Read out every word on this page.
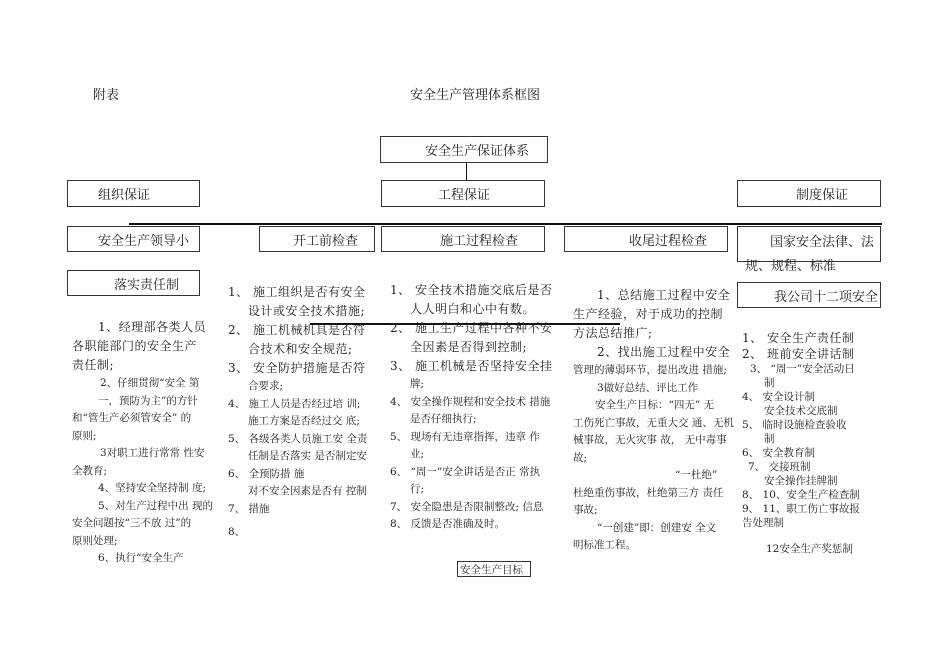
附表	安全生产管理体系框图
安全生产保证体系
组织保证	工程保证	制度保证
安全生产领导小	开工前检查	施工过程检查	收尾过程检查	国家安全法律、法
规、规程、标准
落实责任制
我公司十二项安全
1、经理部各类人员
各职能部门的安全生产
责任制;
2、仔细贯彻“安全 第
一，预防为主”的方针
和“管生产必须管安全” 的
原则;
3对职工进行常常 性安
全教育;
4、坚持安全坚持制 度;
5、对生产过程中出 现的
安全问题按“三不放 过”的
原则处理;
6、执行“安全生产
1、 施工组织是否有安全
设计或安全技术措施;
2、 施工机械机具是否符
合技术和安全规范;
3、 安全防护措施是否符
合要求;
4、 施工人员是否经过培 训;
施工方案是否经过交 底;
5、 各级各类人员施工安 全责
任制是否落实 是否制定安
6、 全预防措 施
对不安全因素是否有 控制
7、 措施
8、
1、 安全技术措施交底后是否
人人明白和心中有数。
2、 施工生产过程中各种不安
全因素是否得到控制;
3、 施工机械是否坚持安全挂
牌;
4、 安全操作规程和安全技术 措施
是否仔细执行;
5、 现场有无违章指挥，违章 作
业;
6、 “周一”安全讲话是否正 常执
行;
7、 安全隐患是否限制整改; 信息
8、 反馈是否准确及时。
1、总结施工过程中安全
生产经验，对于成功的控制
方法总结推广;
2、找出施工过程中安全
管理的薄弱环节，提出改进 措施;
3做好总结、评比工作
安全生产目标：“四无” 无
工伤死亡事故，无重大交 通、无机
械事故，无火灾事 故， 无中毒事
故;
“一杜绝”
杜绝重伤事故，杜绝第三方 责任
事故;
“一创建”即：创建安 全文
明标准工程。
1、 安全生产责任制
2、 班前安全讲话制
3、 “周一”安全活动日
制
4、 安全设计制
安全技术交底制
5、 临时设施检查验收
制
6、 安全教育制
7、 交接班制
安全操作挂牌制
8、 10、安全生产检查制
9、 11、职工伤亡事故报
告处理制
12安全生产奖惩制
安全生产目标
